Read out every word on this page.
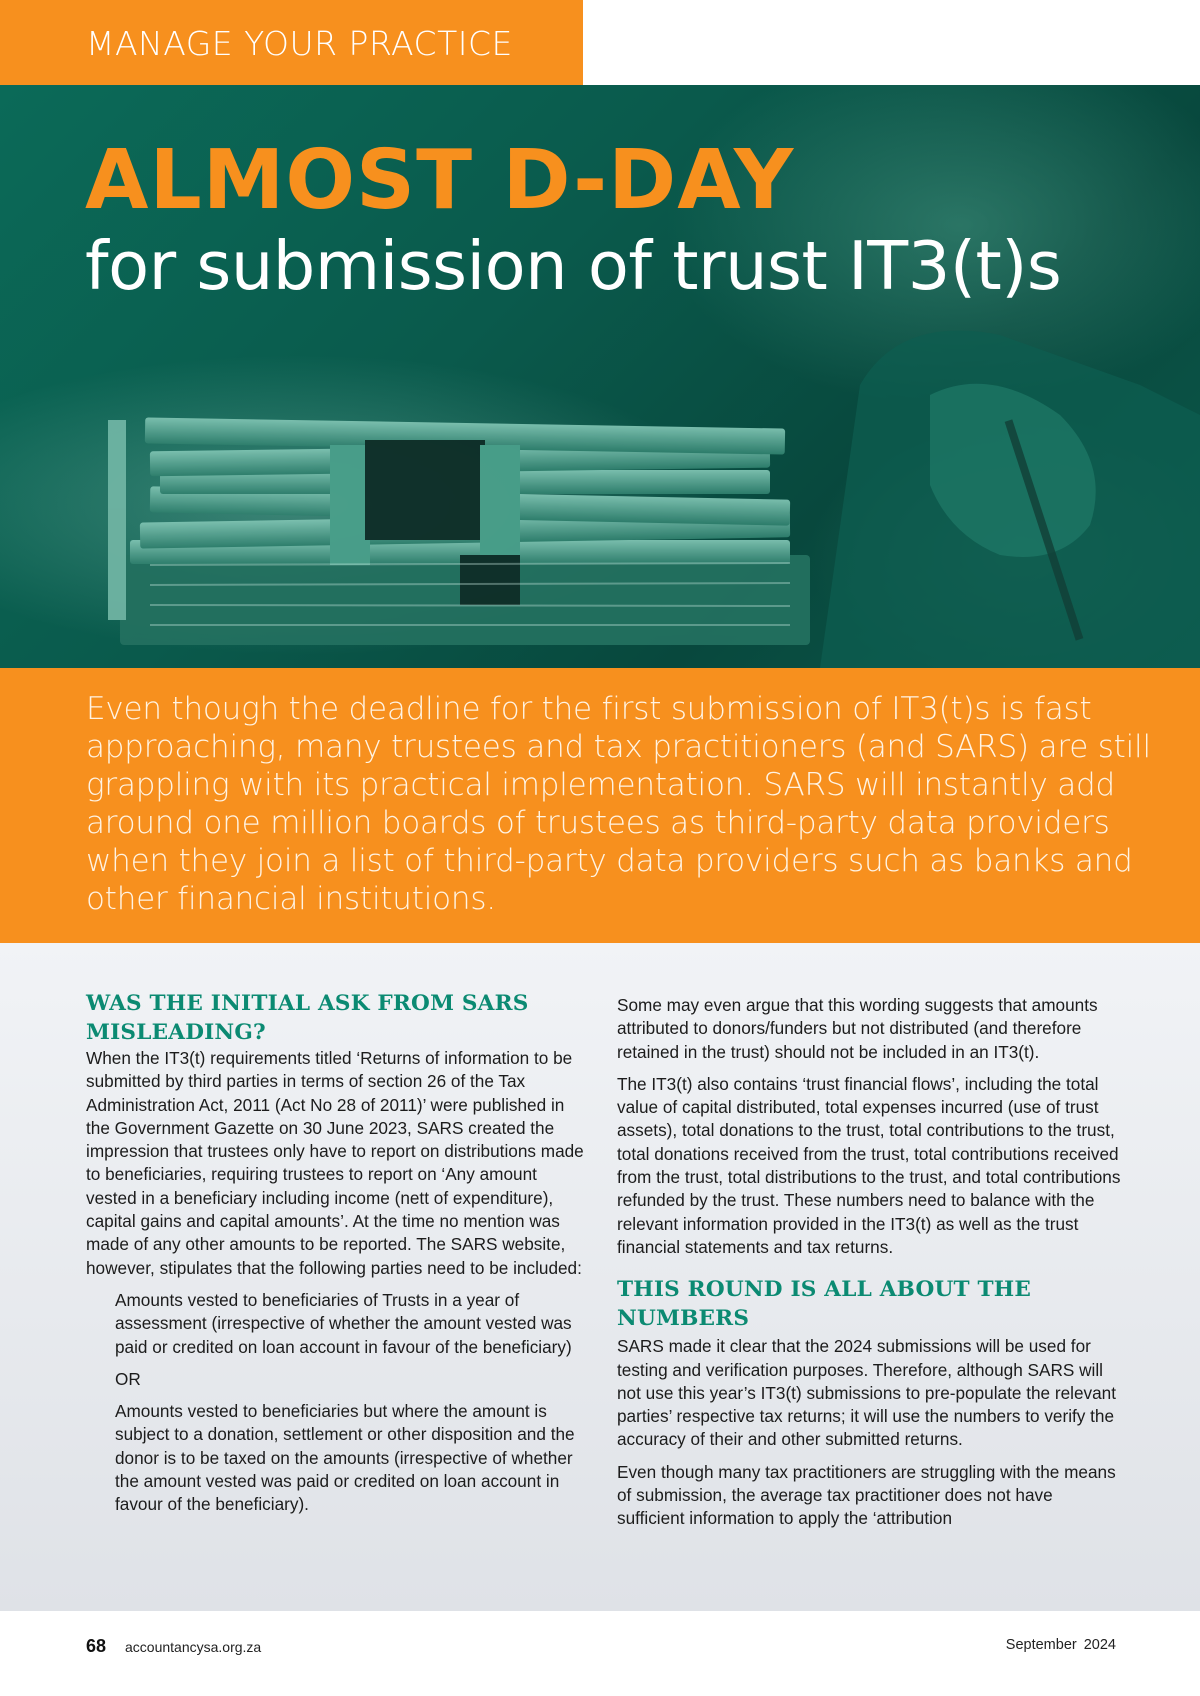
MANAGE YOUR PRACTICE
ALMOST D-DAY
for submission of trust IT3(t)s

Even though the deadline for the first submission of IT3(t)s is fast approaching, many trustees and tax practitioners (and SARS) are still grappling with its practical implementation. SARS will instantly add around one million boards of trustees as third-party data providers when they join a list of third-party data providers such as banks and other financial institutions.

WAS THE INITIAL ASK FROM SARS MISLEADING?

When the IT3(t) requirements titled ‘Returns of information to be submitted by third parties in terms of section 26 of the Tax Administration Act, 2011 (Act No 28 of 2011)’ were published in the Government Gazette on 30 June 2023, SARS created the impression that trustees only have to report on distributions made to beneficiaries, requiring trustees to report on ‘Any amount vested in a beneficiary including income (nett of expenditure), capital gains and capital amounts’. At the time no mention was made of any other amounts to be reported. The SARS website, however, stipulates that the following parties need to be included:

Amounts vested to beneficiaries of Trusts in a year of assessment (irrespective of whether the amount vested was paid or credited on loan account in favour of the beneficiary)

OR

Amounts vested to beneficiaries but where the amount is subject to a donation, settlement or other disposition and the donor is to be taxed on the amounts (irrespective of whether the amount vested was paid or credited on loan account in favour of the beneficiary).

Some may even argue that this wording suggests that amounts attributed to donors/funders but not distributed (and therefore retained in the trust) should not be included in an IT3(t).

The IT3(t) also contains ‘trust financial flows’, including the total value of capital distributed, total expenses incurred (use of trust assets), total donations to the trust, total contributions to the trust, total donations received from the trust, total contributions received from the trust, total distributions to the trust, and total contributions refunded by the trust. These numbers need to balance with the relevant information provided in the IT3(t) as well as the trust financial statements and tax returns.

THIS ROUND IS ALL ABOUT THE NUMBERS

SARS made it clear that the 2024 submissions will be used for testing and verification purposes. Therefore, although SARS will not use this year’s IT3(t) submissions to pre-populate the relevant parties’ respective tax returns; it will use the numbers to verify the accuracy of their and other submitted returns.

Even though many tax practitioners are struggling with the means of submission, the average tax practitioner does not have sufficient information to apply the ‘attribution

68 accountancysa.org.za	September 2024
